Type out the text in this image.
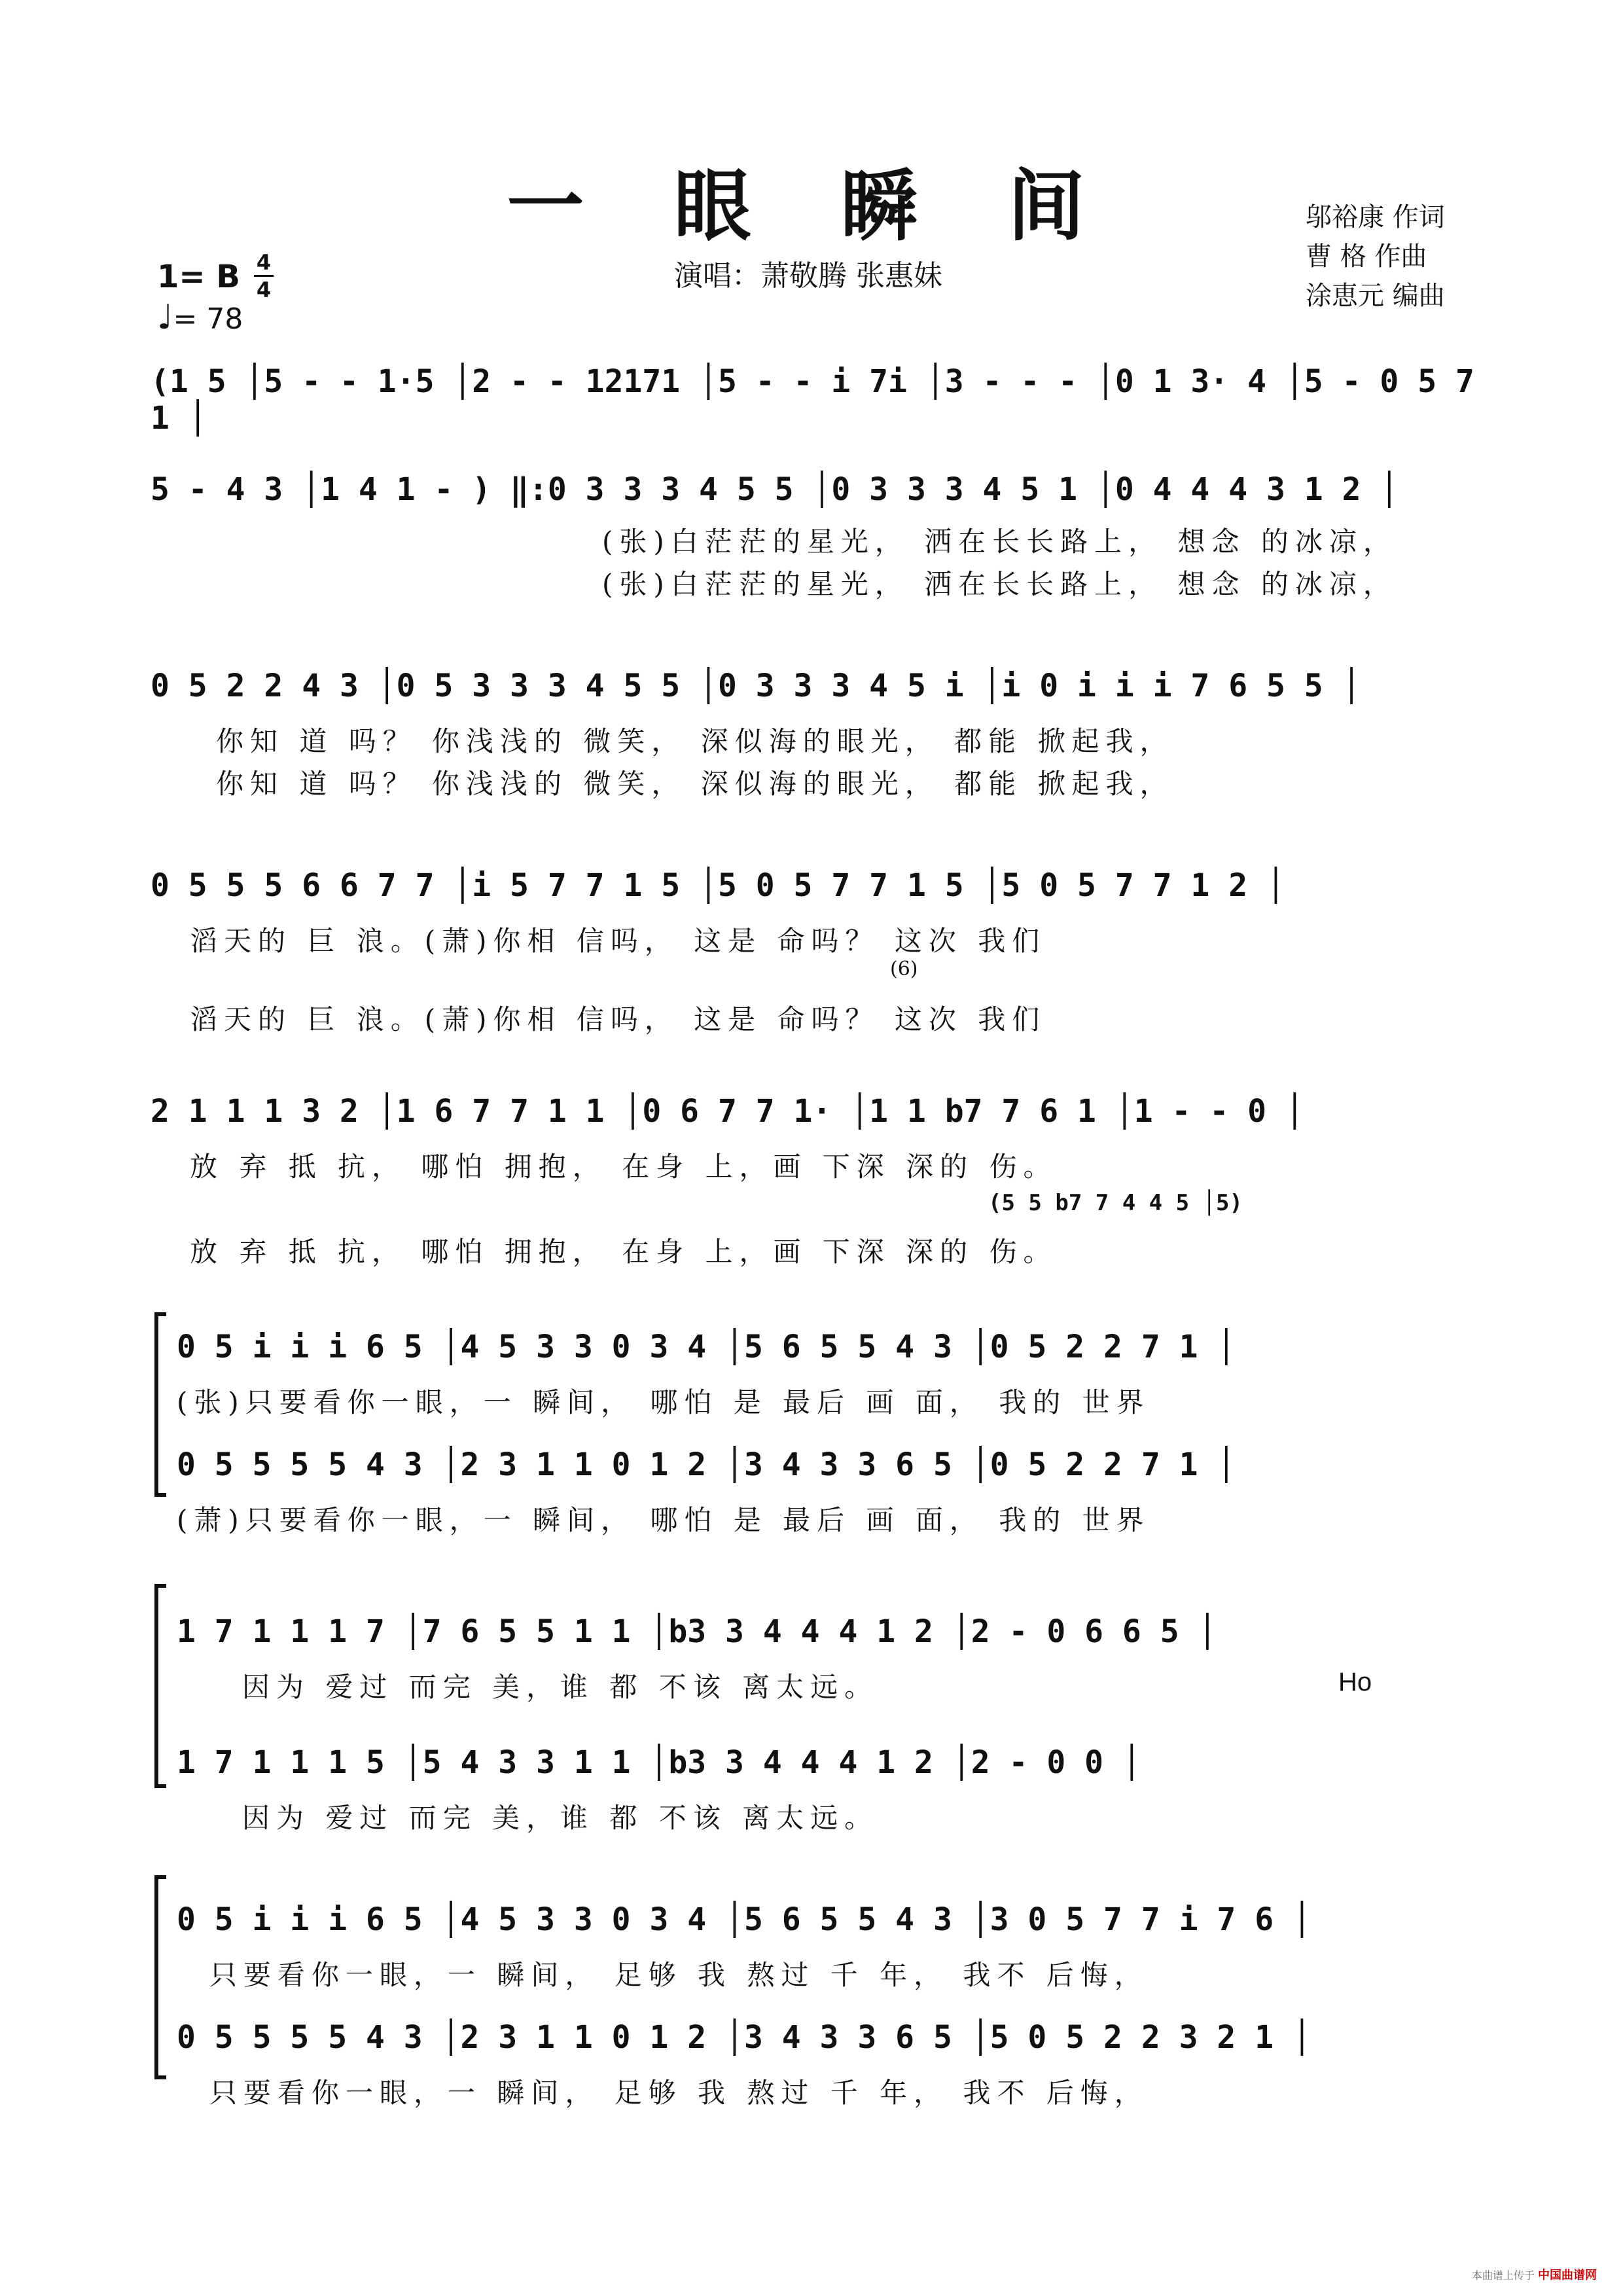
一 眼 瞬 间
演唱：萧敬腾 张惠妹
邬裕康 作词
曹 格 作曲
涂恵元 编曲
1= B 4
4
♩= 78
(1 5 │5 - - 1·5 │2 - - 12171 │5 - - i 7i │3 - - - │0 1 3· 4 │5 - 0 5 7 1 │
5 - 4 3 │1 4 1 - ) ‖:0 3 3 3 4 5 5 │0 3 3 3 4 5 1 │0 4 4 4 3 1 2 │
(张)白茫茫的星光， 洒在长长路上， 想念 的冰凉，
(张)白茫茫的星光， 洒在长长路上， 想念 的冰凉，
0 5 2 2 4 3 │0 5 3 3 3 4 5 5 │0 3 3 3 4 5 i │i 0 i i i 7 6 5 5 │
你知 道 吗？ 你浅浅的 微笑， 深似海的眼光， 都能 掀起我，
你知 道 吗？ 你浅浅的 微笑， 深似海的眼光， 都能 掀起我，
0 5 5 5 6 6 7 7 │i 5 7 7 1 5 │5 0 5 7 7 1 5 │5 0 5 7 7 1 2 │
滔天的 巨 浪。(萧)你相 信吗， 这是 命吗？ 这次 我们
(6)
滔天的 巨 浪。(萧)你相 信吗， 这是 命吗？ 这次 我们
2 1 1 1 3 2 │1 6 7 7 1 1 │0 6 7 7 1· │1 1 b7 7 6 1 │1 - - 0 │
放 弃 抵 抗， 哪怕 拥抱， 在身 上，画 下深 深的 伤。
(5 5 b7 7 4 4 5 │5)
放 弃 抵 抗， 哪怕 拥抱， 在身 上，画 下深 深的 伤。
0 5 i i i 6 5 │4 5 3 3 0 3 4 │5 6 5 5 4 3 │0 5 2 2 7 1 │
(张)只要看你一眼，一 瞬间， 哪怕 是 最后 画 面， 我的 世界
0 5 5 5 5 4 3 │2 3 1 1 0 1 2 │3 4 3 3 6 5 │0 5 2 2 7 1 │
(萧)只要看你一眼，一 瞬间， 哪怕 是 最后 画 面， 我的 世界
1 7 1 1 1 7 │7 6 5 5 1 1 │b3 3 4 4 4 1 2 │2 - 0 6 6 5 │
因为 爱过 而完 美，谁 都 不该 离太远。	Ho
1 7 1 1 1 5 │5 4 3 3 1 1 │b3 3 4 4 4 1 2 │2 - 0 0 │
因为 爱过 而完 美，谁 都 不该 离太远。
0 5 i i i 6 5 │4 5 3 3 0 3 4 │5 6 5 5 4 3 │3 0 5 7 7 i 7 6 │
只要看你一眼，一 瞬间， 足够 我 熬过 千 年， 我不 后悔，
0 5 5 5 5 4 3 │2 3 1 1 0 1 2 │3 4 3 3 6 5 │5 0 5 2 2 3 2 1 │
只要看你一眼，一 瞬间， 足够 我 熬过 千 年， 我不 后悔，
本曲谱上传于 中国曲谱网
